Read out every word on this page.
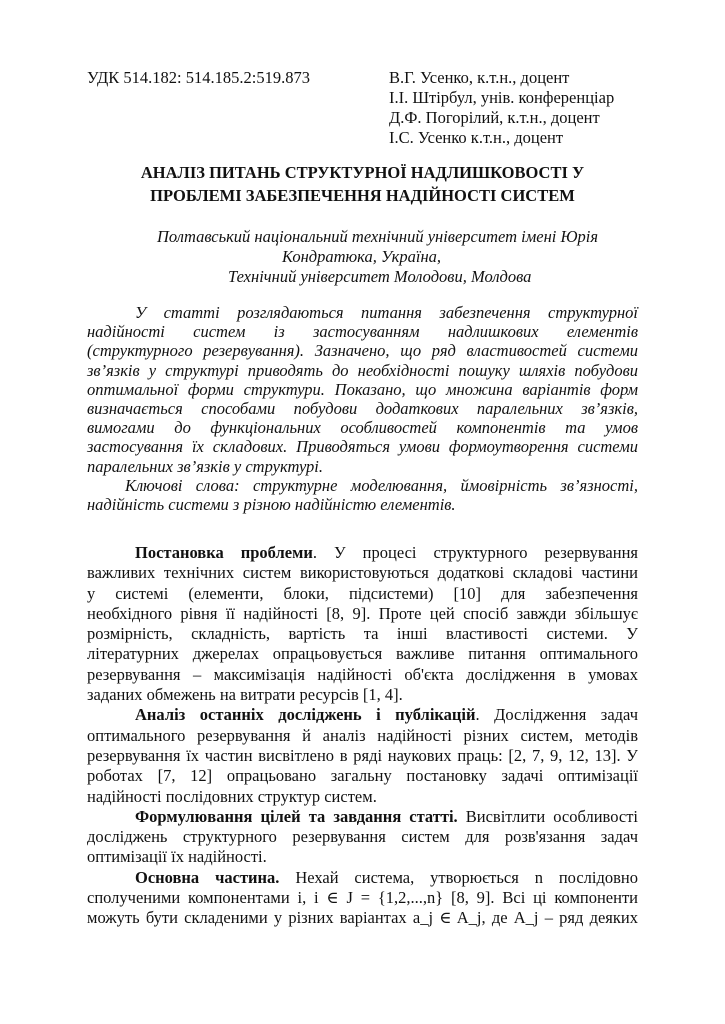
УДК 514.182: 514.185.2:519.873	В.Г. Усенко, к.т.н., доцент
І.І. Штірбул, унів. конференціар
Д.Ф. Погорілий, к.т.н., доцент
І.С. Усенко к.т.н., доцент
АНАЛІЗ ПИТАНЬ СТРУКТУРНОЇ НАДЛИШКОВОСТІ У
ПРОБЛЕМІ ЗАБЕЗПЕЧЕННЯ НАДІЙНОСТІ СИСТЕМ
Полтавський національний технічний університет імені Юрія
Кондратюка, Україна,
Технічний університет Молодови, Молдова
У статті розглядаються питання забезпечення структурної
надійності систем із застосуванням надлишкових елементів
(структурного резервування). Зазначено, що ряд властивостей системи
зв’язків у структурі приводять до необхідності пошуку шляхів побудови
оптимальної форми структури. Показано, що множина варіантів форм
визначається способами побудови додаткових паралельних зв’язків,
вимогами до функціональних особливостей компонентів та умов
застосування їх складових. Приводяться умови формоутворення системи
паралельних зв’язків у структурі.
Ключові слова: структурне моделювання, ймовірність зв’язності,
надійність системи з різною надійністю елементів.
Постановка проблеми. У процесі структурного резервування
важливих технічних систем використовуються додаткові складові частини
у системі (елементи, блоки, підсистеми) [10] для забезпечення
необхідного рівня її надійності [8, 9]. Проте цей спосіб завжди збільшує
розмірність, складність, вартість та інші властивості системи. У
літературних джерелах опрацьовується важливе питання оптимального
резервування – максимізація надійності об'єкта дослідження в умовах
заданих обмежень на витрати ресурсів [1, 4].
Аналіз останніх досліджень і публікацій. Дослідження задач
оптимального резервування й аналіз надійності різних систем, методів
резервування їх частин висвітлено в ряді наукових праць: [2, 7, 9, 12, 13]. У
роботах [7, 12] опрацьовано загальну постановку задачі оптимізації
надійності послідовних структур систем.
Формулювання цілей та завдання статті. Висвітлити особливості
досліджень структурного резервування систем для розв'язання задач
оптимізації їх надійності.
Основна частина. Нехай система, утворюється n послідовно
сполученими компонентами i, i ∈ J = {1,2,...,n} [8, 9]. Всі ці компоненти
можуть бути складеними у різних варіантах a_j ∈ A_j, де A_j – ряд деяких
